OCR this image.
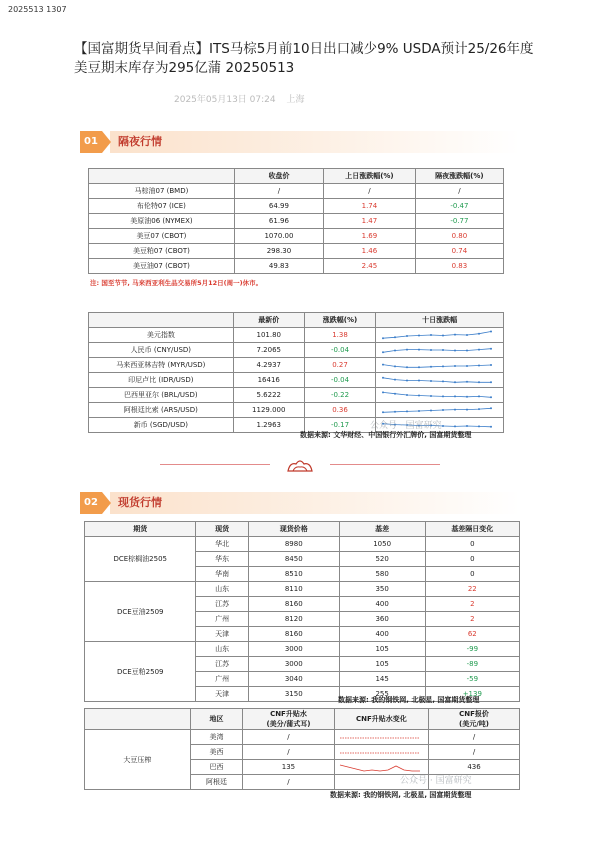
2025513 1307
【国富期货早间看点】ITS马棕5月前10日出口减少9% USDA预计25/26年度美豆期末库存为295亿蒲 20250513
2025年05月13日 07:24 上海
01	隔夜行情
	收盘价	上日涨跌幅(%)	隔夜涨跌幅(%)
马棕油07 (BMD)	/	/	/
布伦特07 (ICE)	64.99	1.74	-0.47
美原油06 (NYMEX)	61.96	1.47	-0.77
美豆07 (CBOT)	1070.00	1.69	0.80
美豆粕07 (CBOT)	298.30	1.46	0.74
美豆油07 (CBOT)	49.83	2.45	0.83
注: 国至节节, 马来西亚利生品交易所5月12日(周一)休市。
	最新价	涨跌幅(%)	十日涨跌幅
美元指数	101.80	1.38	

人民币 (CNY/USD)	7.2065	-0.04	

马来西亚林吉特 (MYR/USD)	4.2937	0.27	

印尼卢比 (IDR/USD)	16416	-0.04	

巴西里亚尔 (BRL/USD)	5.6222	-0.22	

阿根廷比索 (ARS/USD)	1129.000	0.36	

新币 (SGD/USD)	1.2963	-0.17	
数据来源: 文华财经、中国银行外汇牌价, 国富期货整理
公众号 · 国富研究
02	现货行情
期货	现货	现货价格	基差	基差隔日变化
DCE棕榈油2505	华北	8980	1050	0
	华东	8450	520	0
	华南	8510	580	0
DCE豆油2509	山东	8110	350	22
	江苏	8160	400	2
	广州	8120	360	2
	天津	8160	400	62
DCE豆粕2509	山东	3000	105	-99
	江苏	3000	105	-89
	广州	3040	145	-59
	天津	3150	255	+139
数据来源: 我的钢铁网, 北极星, 国富期货整理
	地区	CNF升贴水
(美分/蒲式耳)	CNF升贴水变化	CNF报价
(美元/吨)
大豆压榨	美湾	/		/
	美西	/		/
	巴西	135		436
	阿根廷	/	

数据来源: 我的钢铁网, 北极星, 国富期货整理
公众号 · 国富研究
